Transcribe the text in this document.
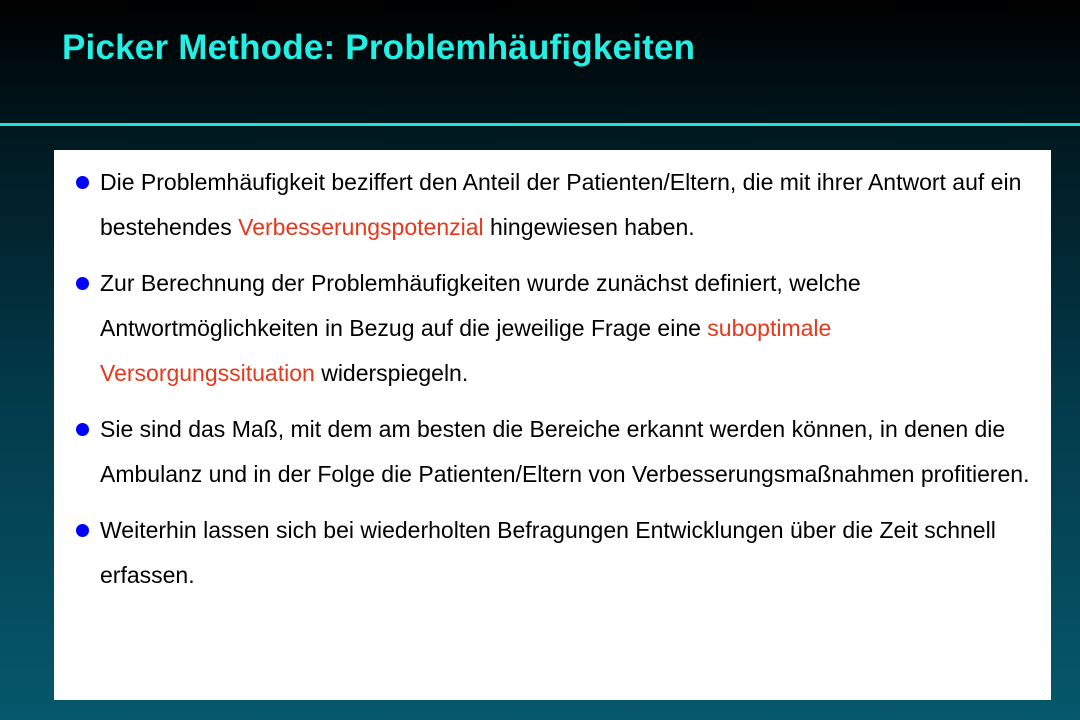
Picker Methode: Problemhäufigkeiten
Die Problemhäufigkeit beziffert den Anteil der Patienten/Eltern, die mit ihrer Antwort auf ein bestehendes Verbesserungspotenzial hingewiesen haben.
Zur Berechnung der Problemhäufigkeiten wurde zunächst definiert, welche Antwortmöglichkeiten in Bezug auf die jeweilige Frage eine suboptimale Versorgungssituation widerspiegeln.
Sie sind das Maß, mit dem am besten die Bereiche erkannt werden können, in denen die Ambulanz und in der Folge die Patienten/Eltern von Verbesserungsmaßnahmen profitieren.
Weiterhin lassen sich bei wiederholten Befragungen Entwicklungen über die Zeit schnell erfassen.
